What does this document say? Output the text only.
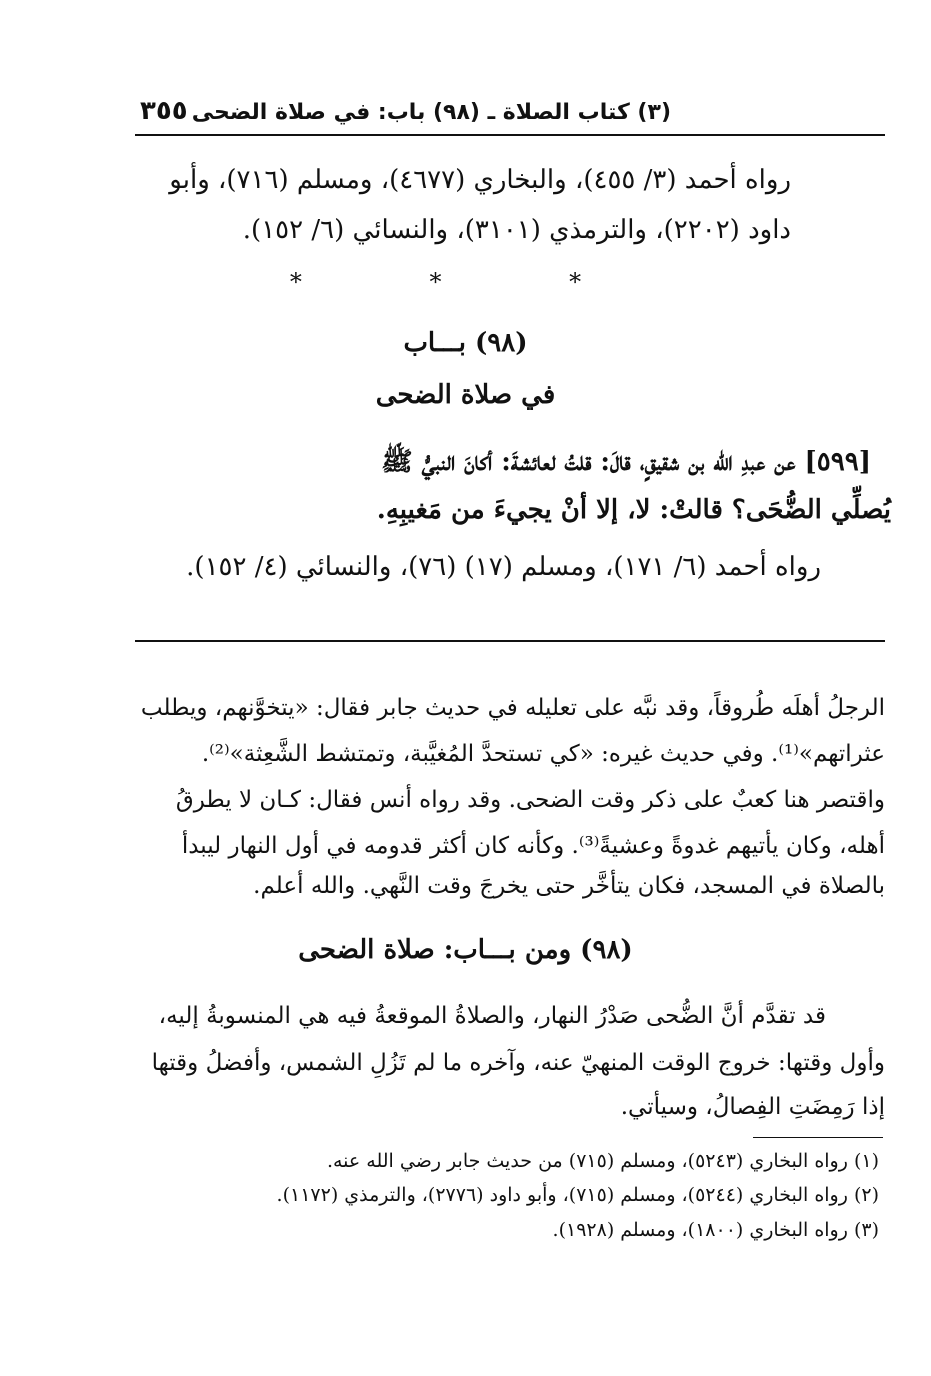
(٣) كتاب الصلاة ـ (٩٨) باب: في صلاة الضحى
٣٥٥
رواه أحمد (٣/ ٤٥٥)، والبخاري (٤٦٧٧)، ومسلم (٧١٦)، وأبو
داود (٢٢٠٢)، والترمذي (٣١٠١)، والنسائي (٦/ ١٥٢).
* * *
(٩٨) بـــاب
في صلاة الضحى
[٥٩٩] عن عبدِ الله بن شقيقٍ، قالَ: قلتُ لعائشةَ: أكانَ النبيُّ ﷺ
يُصلِّي الضُّحَى؟ قالتْ: لا، إلا أنْ يجيءَ من مَغيبِهِ.
رواه أحمد (٦/ ١٧١)، ومسلم (١٧) (٧٦)، والنسائي (٤/ ١٥٢).
الرجلُ أهلَه طُروقاً، وقد نبَّه على تعليله في حديث جابر فقال: «يتخوَّنهم، ويطلب
عثراتهم»⁽¹⁾. وفي حديث غيره: «كي تستحدَّ المُغيَّبة، وتمتشط الشَّعِثة»⁽²⁾.
واقتصر هنا كعبٌ على ذكر وقت الضحى. وقد رواه أنس فقال: كـان لا يطرقُ
أهله، وكان يأتيهم غدوةً وعشيةً⁽³⁾. وكأنه كان أكثر قدومه في أول النهار ليبدأ
بالصلاة في المسجد، فكان يتأخَّر حتى يخرجَ وقت النَّهي. والله أعلم.
(٩٨) ومن بـــاب: صلاة الضحى
قد تقدَّم أنَّ الضُّحى صَدْرُ النهار، والصلاةُ الموقعةُ فيه هي المنسوبةُ إليه،
وأول وقتها: خروج الوقت المنهيّ عنه، وآخره ما لم تَزُلِ الشمس، وأفضلُ وقتها
إذا رَمِضَتِ الفِصالُ، وسيأتي.
(١) رواه البخاري (٥٢٤٣)، ومسلم (٧١٥) من حديث جابر رضي الله عنه.
(٢) رواه البخاري (٥٢٤٤)، ومسلم (٧١٥)، وأبو داود (٢٧٧٦)، والترمذي (١١٧٢).
(٣) رواه البخاري (١٨٠٠)، ومسلم (١٩٢٨).
